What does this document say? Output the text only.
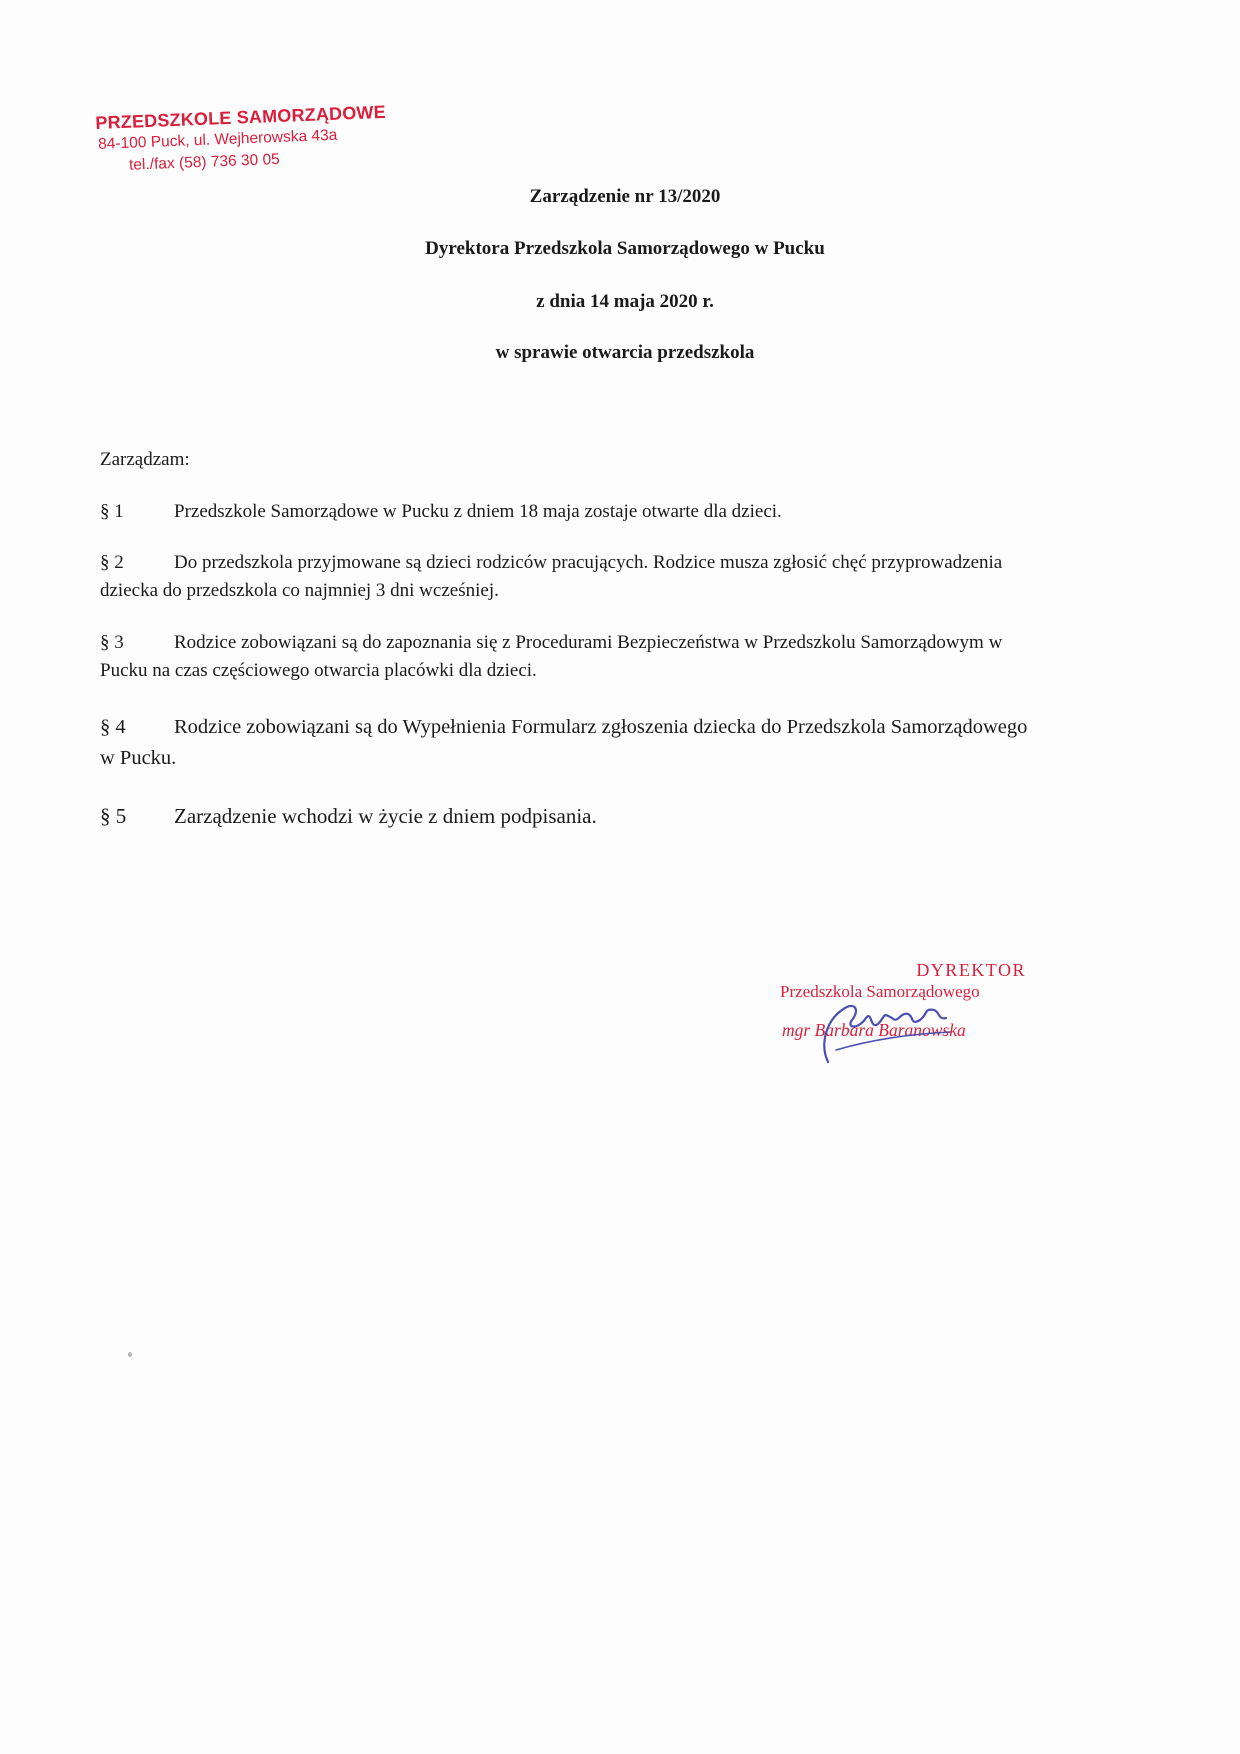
PRZEDSZKOLE SAMORZĄDOWE
84-100 Puck, ul. Wejherowska 43a
tel./fax (58) 736 30 05
Zarządzenie nr 13/2020
Dyrektora Przedszkola Samorządowego w Pucku
z dnia 14 maja 2020 r.
w sprawie otwarcia przedszkola
Zarządzam:
§ 1	Przedszkole Samorządowe w Pucku z dniem 18 maja zostaje otwarte dla dzieci.
§ 2	Do przedszkola przyjmowane są dzieci rodziców pracujących. Rodzice musza zgłosić chęć przyprowadzenia dziecka do przedszkola co najmniej 3 dni wcześniej.
§ 3	Rodzice zobowiązani są do zapoznania się z Procedurami Bezpieczeństwa w Przedszkolu Samorządowym w Pucku na czas częściowego otwarcia placówki dla dzieci.
§ 4 Rodzice zobowiązani są do Wypełnienia Formularz zgłoszenia dziecka do Przedszkola Samorządowego w Pucku.
§ 5 Zarządzenie wchodzi w życie z dniem podpisania.
DYREKTOR
Przedszkola Samorządowego
mgr Barbara Baranowska
